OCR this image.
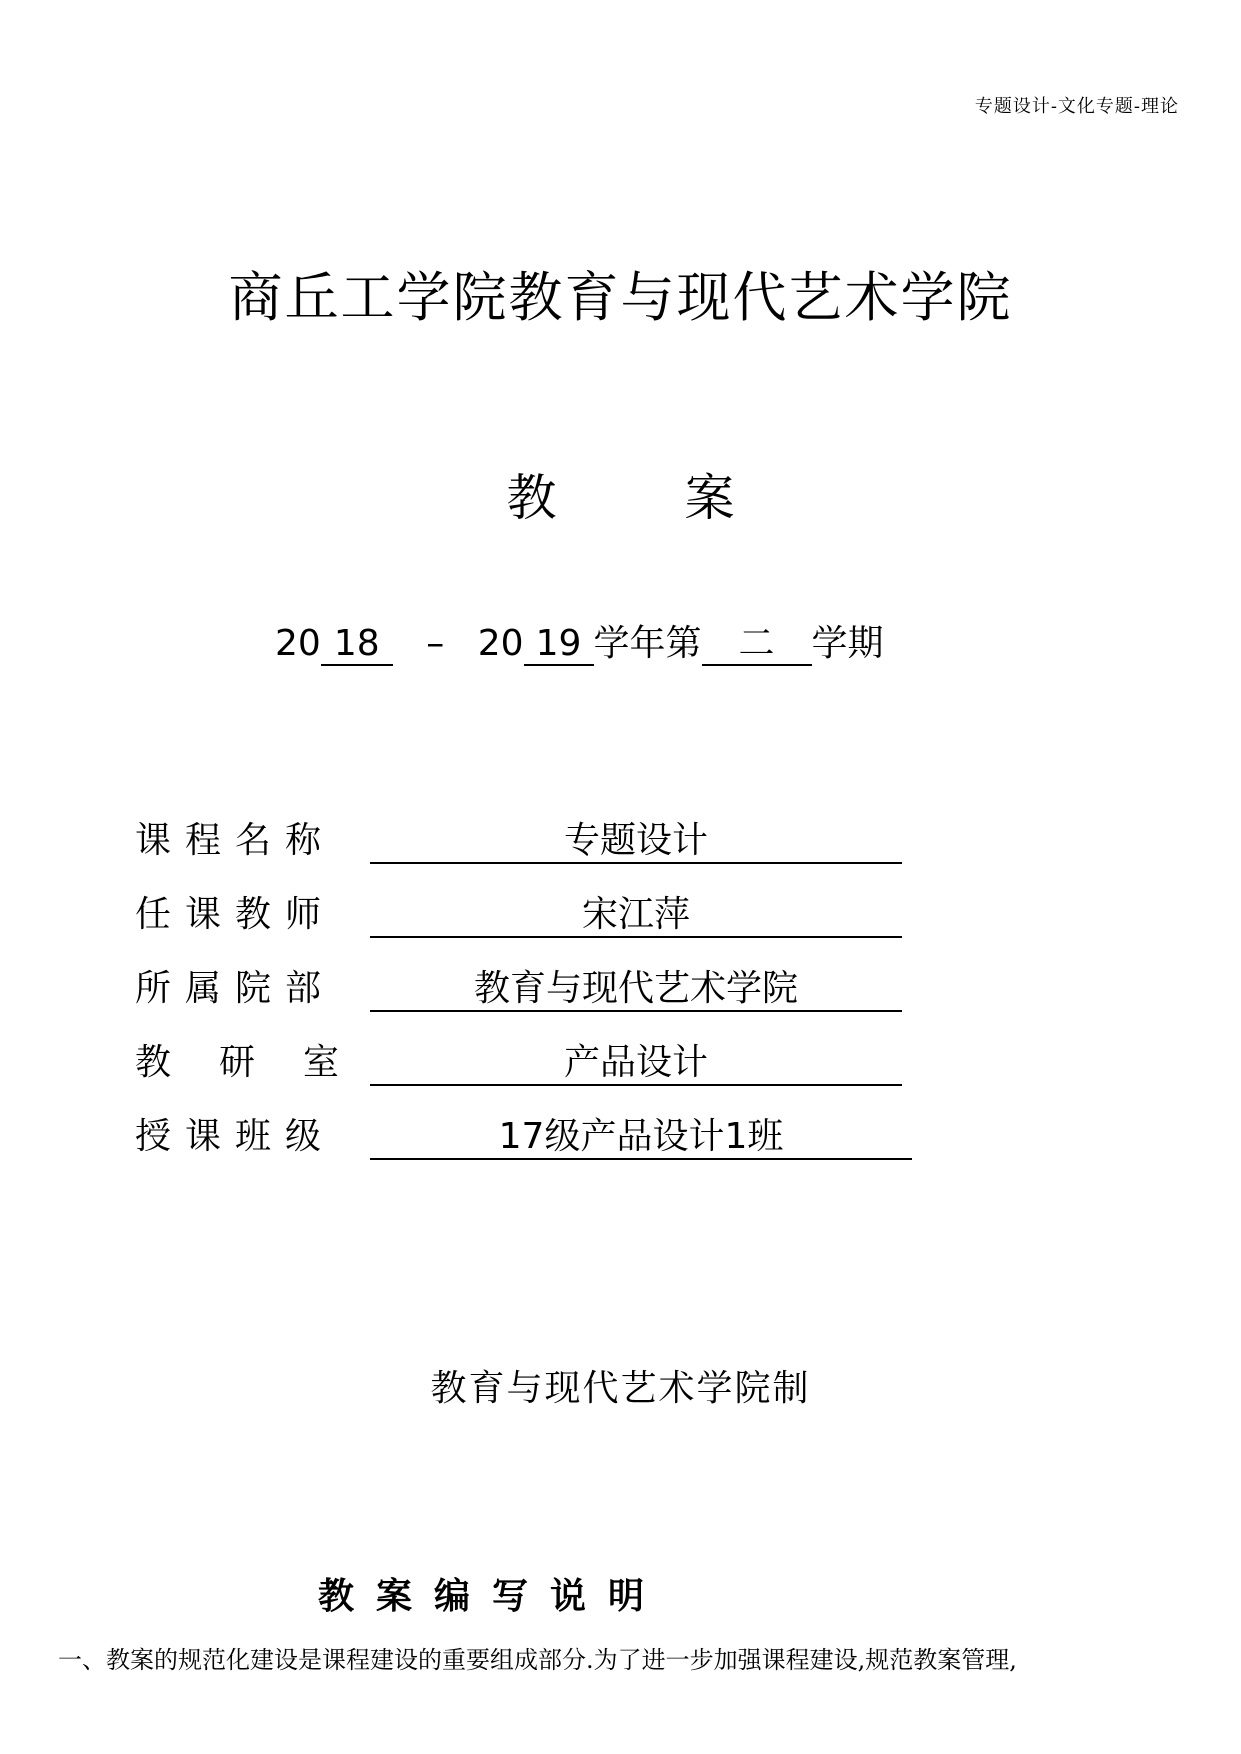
专题设计-文化专题-理论
商丘工学院教育与现代艺术学院
教 案
20 18 – 20 19 学年第 二 学期
课程名称	专题设计
任课教师	宋江萍
所属院部	教育与现代艺术学院
教研室	产品设计
授课班级	17级产品设计1班
教育与现代艺术学院制
教案编写说明
一、教案的规范化建设是课程建设的重要组成部分.为了进一步加强课程建设,规范教案管理,
